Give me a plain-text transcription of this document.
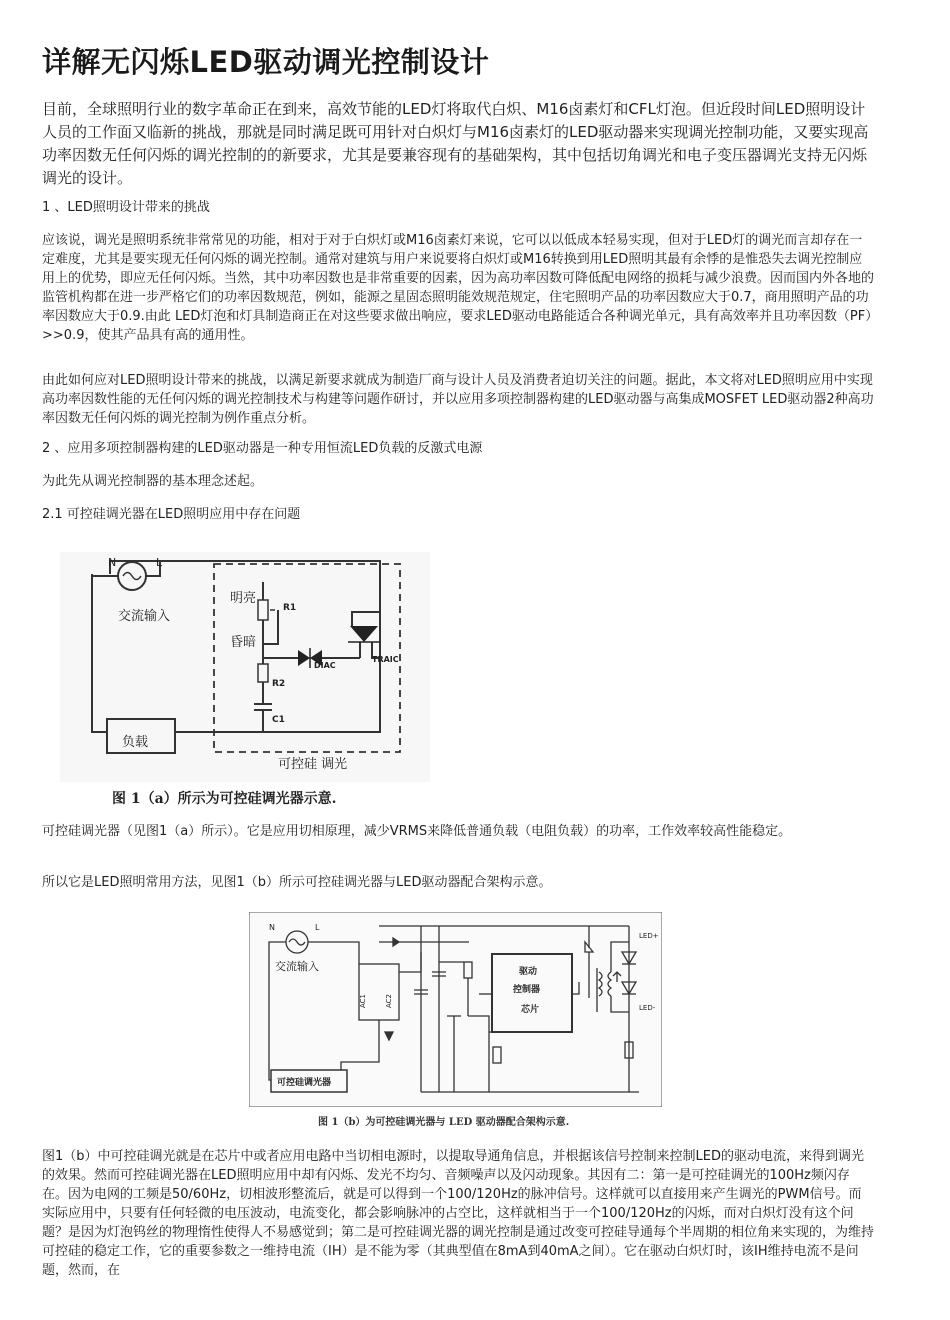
详解无闪烁LED驱动调光控制设计

目前，全球照明行业的数字革命正在到来，高效节能的LED灯将取代白炽、M16卤素灯和CFL灯泡。但近段时间LED照明设计人员的工作面又临新的挑战，那就是同时满足既可用针对白炽灯与M16卤素灯的LED驱动器来实现调光控制功能，又要实现高功率因数无任何闪烁的调光控制的的新要求，尤其是要兼容现有的基础架构，其中包括切角调光和电子变压器调光支持无闪烁调光的设计。

1 、LED照明设计带来的挑战

应该说，调光是照明系统非常常见的功能，相对于对于白炽灯或M16卤素灯来说，它可以以低成本轻易实现，但对于LED灯的调光而言却存在一定难度，尤其是要实现无任何闪烁的调光控制。通常对建筑与用户来说要将白炽灯或M16转换到用LED照明其最有余悸的是惟恐失去调光控制应用上的优势，即应无任何闪烁。当然，其中功率因数也是非常重要的因素，因为高功率因数可降低配电网络的损耗与减少浪费。因而国内外各地的监管机构都在进一步严格它们的功率因数规范，例如，能源之星固态照明能效规范规定，住宅照明产品的功率因数应大于0.7，商用照明产品的功率因数应大于0.9.由此 LED灯泡和灯具制造商正在对这些要求做出响应，要求LED驱动电路能适合各种调光单元，具有高效率并且功率因数（PF）>>0.9，使其产品具有高的通用性。

由此如何应对LED照明设计带来的挑战，以满足新要求就成为制造厂商与设计人员及消费者迫切关注的问题。据此，本文将对LED照明应用中实现高功率因数性能的无任何闪烁的调光控制技术与构建等问题作研讨，并以应用多项控制器构建的LED驱动器与高集成MOSFET LED驱动器2种高功率因数无任何闪烁的调光控制为例作重点分析。

2 、应用多项控制器构建的LED驱动器是一种专用恒流LED负载的反激式电源

为此先从调光控制器的基本理念述起。

2.1 可控硅调光器在LED照明应用中存在问题

N	L
交流输入
明亮
昏暗
R1
R2
C1
DIAC
TRAIC
负载
可控硅 调光

图 1（a）所示为可控硅调光器示意.

可控硅调光器（见图1（a）所示）。它是应用切相原理，减少VRMS来降低普通负载（电阻负载）的功率，工作效率较高性能稳定。

所以它是LED照明常用方法，见图1（b）所示可控硅调光器与LED驱动器配合架构示意。

N	L
交流输入
AC1	AC2
驱动
控制器
芯片
LED+
LED-
可控硅调光器

图 1（b）为可控硅调光器与 LED 驱动器配合架构示意.

图1（b）中可控硅调光就是在芯片中或者应用电路中当切相电源时，以提取导通角信息，并根据该信号控制来控制LED的驱动电流，来得到调光的效果。然而可控硅调光器在LED照明应用中却有闪烁、发光不均匀、音频噪声以及闪动现象。其因有二：第一是可控硅调光的100Hz频闪存在。因为电网的工频是50/60Hz，切相波形整流后，就是可以得到一个100/120Hz的脉冲信号。这样就可以直接用来产生调光的PWM信号。而实际应用中，只要有任何轻微的电压波动，电流变化，都会影响脉冲的占空比，这样就相当于一个100/120Hz的闪烁，而对白炽灯没有这个问题？是因为灯泡钨丝的物理惰性使得人不易感觉到；第二是可控硅调光器的调光控制是通过改变可控硅导通每个半周期的相位角来实现的，为维持可控硅的稳定工作，它的重要参数之一维持电流（IH）是不能为零（其典型值在8mA到40mA之间）。它在驱动白炽灯时，该IH维持电流不是问题，然而，在
